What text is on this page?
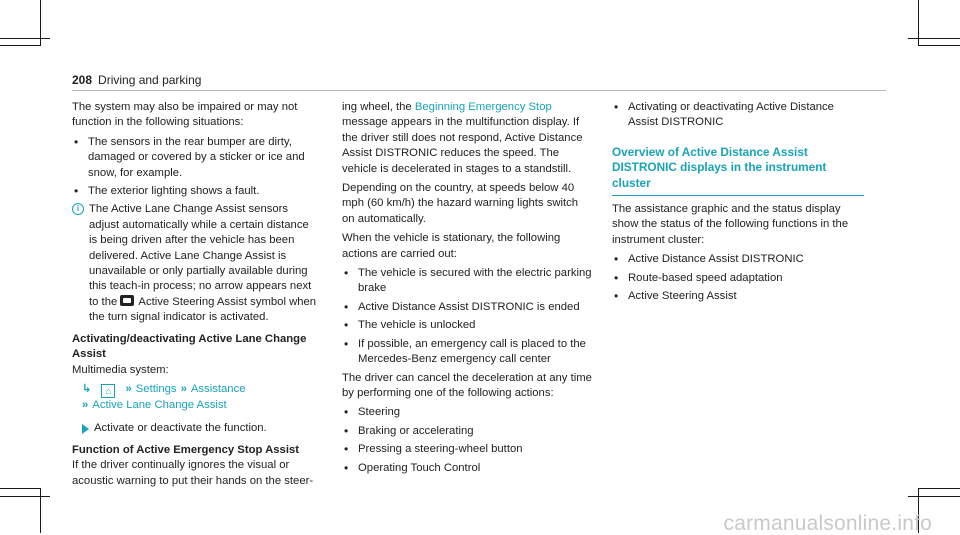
208 Driving and parking

The system may also be impaired or may not function in the following situations:

• The sensors in the rear bumper are dirty, damaged or covered by a sticker or ice and snow, for example.
• The exterior lighting shows a fault.
i The Active Lane Change Assist sensors adjust automatically while a certain distance is being driven after the vehicle has been delivered. Active Lane Change Assist is unavailable or only partially available during this teach-in process; no arrow appears next to the Active Steering Assist symbol when the turn signal indicator is activated.
Activating/deactivating Active Lane Change Assist

Multimedia system:

↳ ⌂ » Settings » Assistance
» Active Lane Change Assist
Activate or deactivate the function.
Function of Active Emergency Stop Assist

If the driver continually ignores the visual or acoustic warning to put their hands on the steer-

ing wheel, the Beginning Emergency Stop message appears in the multifunction display. If the driver still does not respond, Active Distance Assist DISTRONIC reduces the speed. The vehicle is decelerated in stages to a standstill.

Depending on the country, at speeds below 40 mph (60 km/h) the hazard warning lights switch on automatically.

When the vehicle is stationary, the following actions are carried out:

• The vehicle is secured with the electric parking brake
• Active Distance Assist DISTRONIC is ended
• The vehicle is unlocked
• If possible, an emergency call is placed to the Mercedes-Benz emergency call center

The driver can cancel the deceleration at any time by performing one of the following actions:

• Steering
• Braking or accelerating
• Pressing a steering-wheel button
• Operating Touch Control
• Activating or deactivating Active Distance Assist DISTRONIC
Overview of Active Distance Assist DISTRONIC displays in the instrument cluster

The assistance graphic and the status display show the status of the following functions in the instrument cluster:

• Active Distance Assist DISTRONIC
• Route-based speed adaptation
• Active Steering Assist
carmanualsonline.info
